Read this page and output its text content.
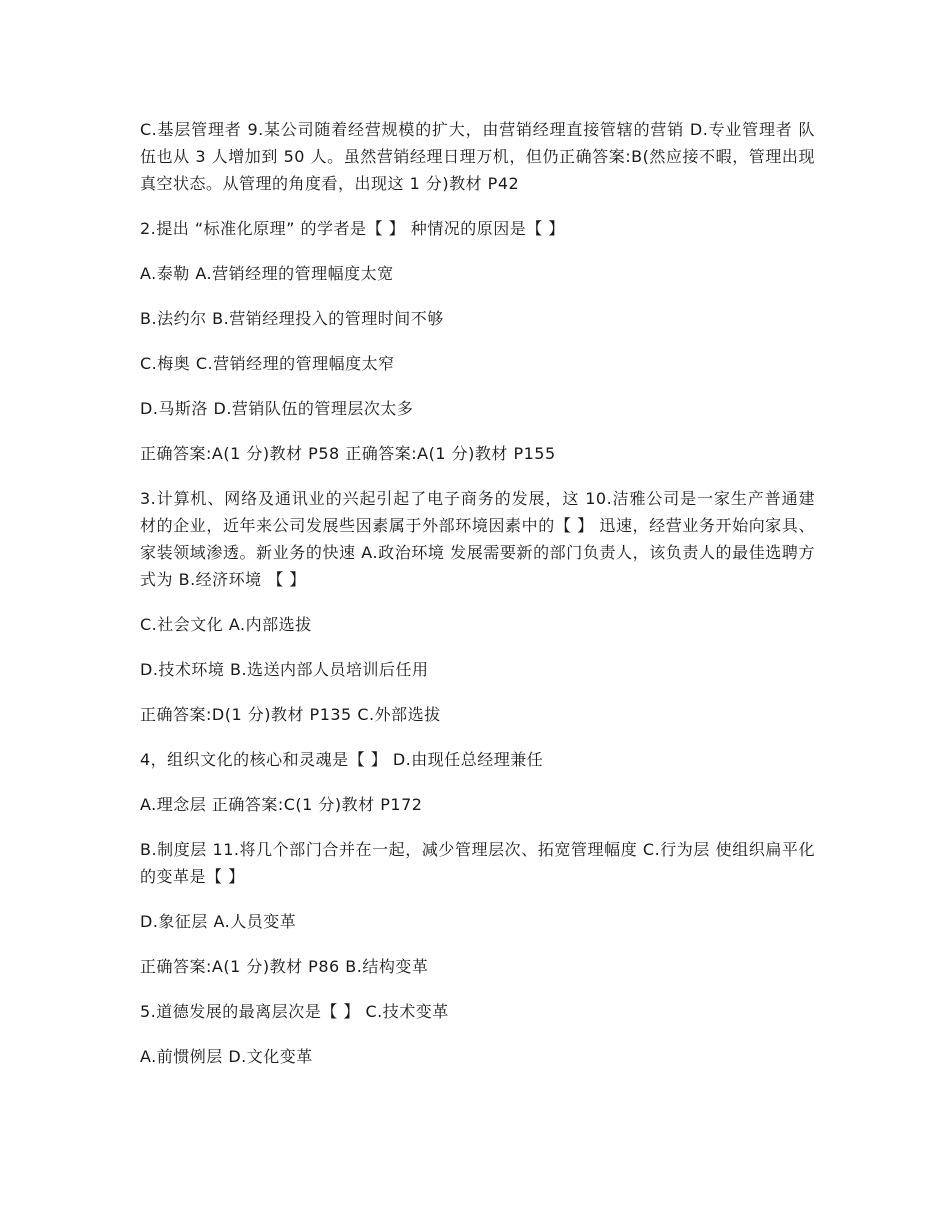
C.基层管理者 9.某公司随着经营规模的扩大，由营销经理直接管辖的营销 D.专业管理者 队伍也从 3 人增加到 50 人。虽然营销经理日理万机，但仍正确答案:B(然应接不暇，管理出现真空状态。从管理的角度看，出现这 1 分)教材 P42

2.提出 “标准化原理” 的学者是【 】 种情况的原因是【 】

A.泰勒 A.营销经理的管理幅度太宽

B.法约尔 B.营销经理投入的管理时间不够

C.梅奥 C.营销经理的管理幅度太窄

D.马斯洛 D.营销队伍的管理层次太多

正确答案:A(1 分)教材 P58 正确答案:A(1 分)教材 P155

3.计算机、网络及通讯业的兴起引起了电子商务的发展，这 10.洁雅公司是一家生产普通建材的企业，近年来公司发展些因素属于外部环境因素中的【 】 迅速，经营业务开始向家具、家装领域渗透。新业务的快速 A.政治环境 发展需要新的部门负责人，该负责人的最佳选聘方式为 B.经济环境 【 】

C.社会文化 A.内部选拔

D.技术环境 B.选送内部人员培训后任用

正确答案:D(1 分)教材 P135 C.外部选拔

4，组织文化的核心和灵魂是【 】 D.由现任总经理兼任

A.理念层 正确答案:C(1 分)教材 P172

B.制度层 11.将几个部门合并在一起，减少管理层次、拓宽管理幅度 C.行为层 使组织扁平化的变革是【 】

D.象征层 A.人员变革

正确答案:A(1 分)教材 P86 B.结构变革

5.道德发展的最离层次是【 】 C.技术变革

A.前惯例层 D.文化变革
